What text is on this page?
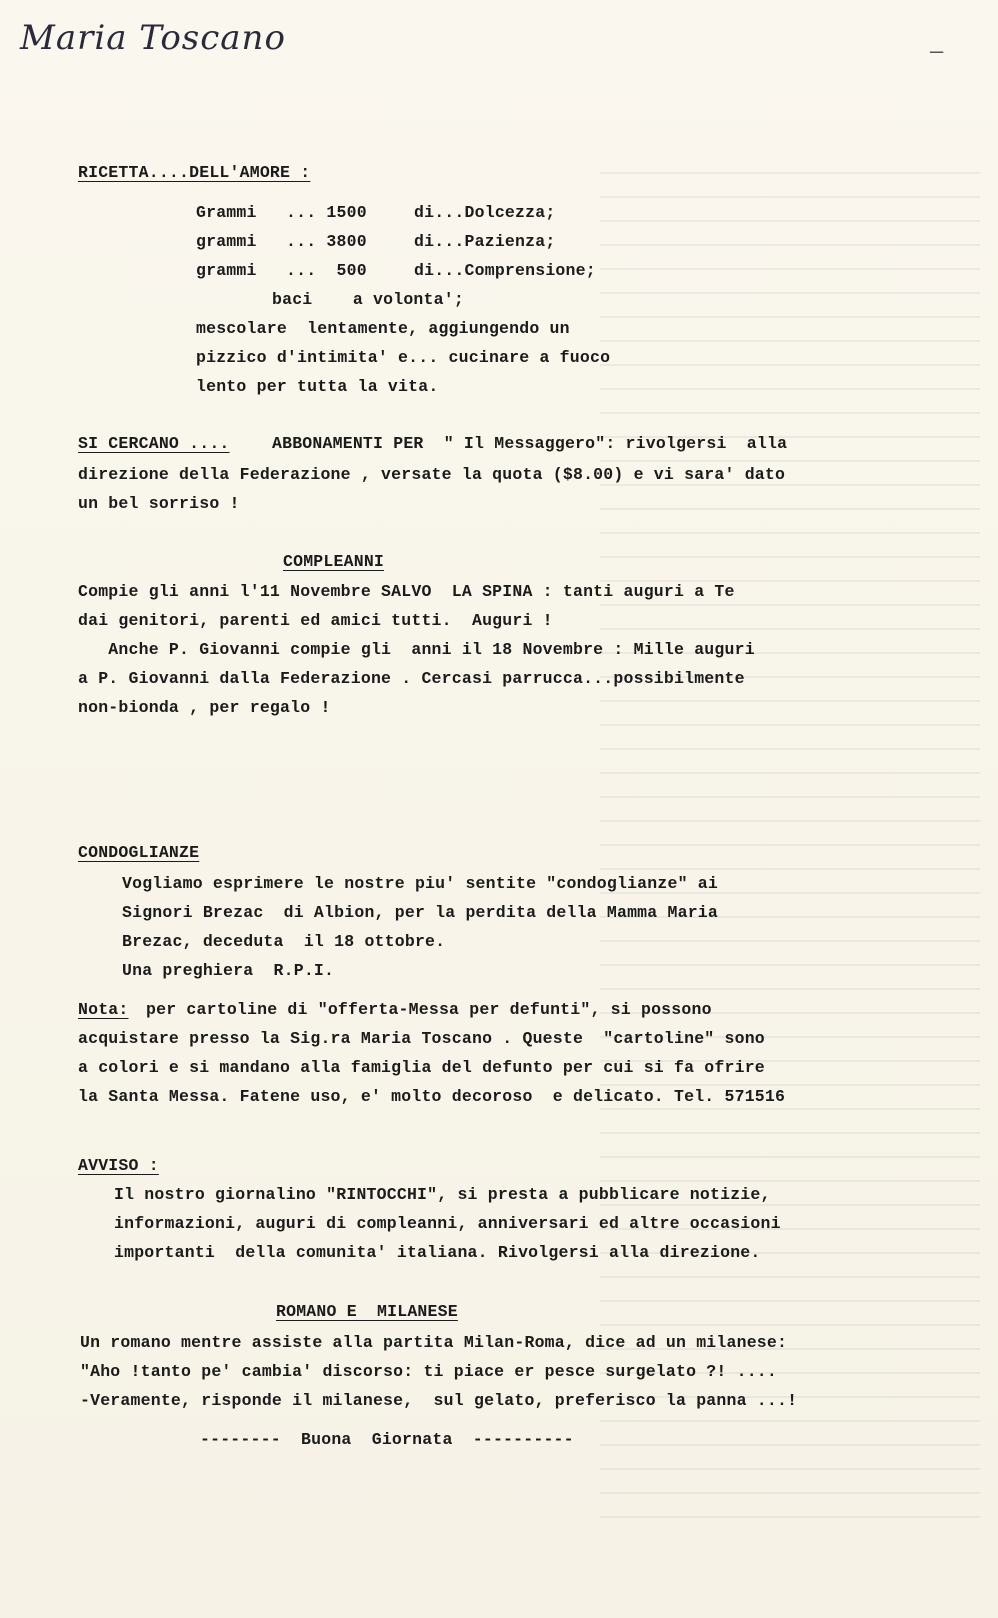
Maria Toscano	—
RICETTA....DELL'AMORE :
Grammi ... 1500	di...Dolcezza;
grammi ... 3800	di...Pazienza;
grammi ...  500	di...Comprensione;
baci    a volonta';
mescolare  lentamente, aggiungendo un
pizzico d'intimita' e... cucinare a fuoco
lento per tutta la vita.
SI CERCANO ....	ABBONAMENTI PER  " Il Messaggero": rivolgersi  alla
direzione della Federazione , versate la quota ($8.00) e vi sara' dato
un bel sorriso !
COMPLEANNI
Compie gli anni l'11 Novembre SALVO  LA SPINA : tanti auguri a Te
dai genitori, parenti ed amici tutti.  Auguri !
Anche P. Giovanni compie gli  anni il 18 Novembre : Mille auguri
a P. Giovanni dalla Federazione . Cercasi parrucca...possibilmente
non-bionda , per regalo !
CONDOGLIANZE
Vogliamo esprimere le nostre piu' sentite "condoglianze" ai
Signori Brezac  di Albion, per la perdita della Mamma Maria
Brezac, deceduta  il 18 ottobre.
Una preghiera  R.P.I.
Nota: per cartoline di "offerta-Messa per defunti", si possono
acquistare presso la Sig.ra Maria Toscano . Queste  "cartoline" sono
a colori e si mandano alla famiglia del defunto per cui si fa ofrire
la Santa Messa. Fatene uso, e' molto decoroso  e delicato. Tel. 571516
AVVISO :
Il nostro giornalino "RINTOCCHI", si presta a pubblicare notizie,
informazioni, auguri di compleanni, anniversari ed altre occasioni
importanti  della comunita' italiana. Rivolgersi alla direzione.
ROMANO E  MILANESE
Un romano mentre assiste alla partita Milan-Roma, dice ad un milanese:
"Aho !tanto pe' cambia' discorso: ti piace er pesce surgelato ?! ....
-Veramente, risponde il milanese,  sul gelato, preferisco la panna ...!
--------  Buona  Giornata  ----------
